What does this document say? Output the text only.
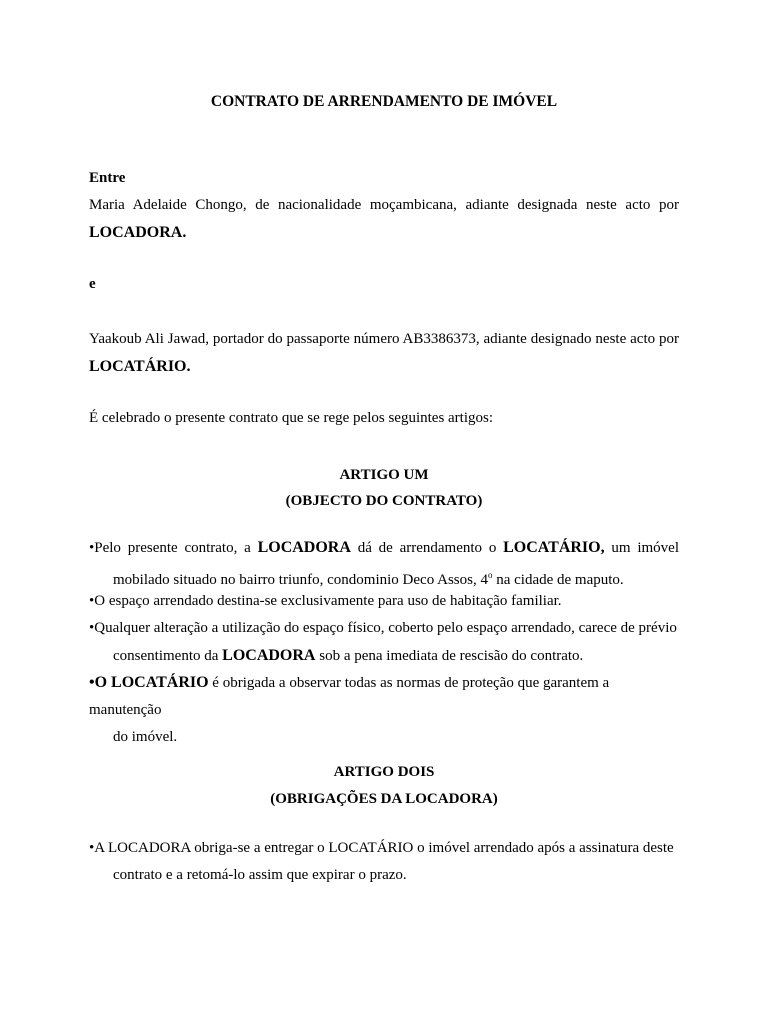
CONTRATO DE ARRENDAMENTO DE IMÓVEL
Entre
Maria Adelaide Chongo, de nacionalidade moçambicana, adiante designada neste acto por
LOCADORA.
e
Yaakoub Ali Jawad, portador do passaporte número AB3386373, adiante designado neste acto por
LOCATÁRIO.
É celebrado o presente contrato que se rege pelos seguintes artigos:
ARTIGO UM
(OBJECTO DO CONTRATO)
•Pelo presente contrato, a LOCADORA dá de arrendamento o LOCATÁRIO, um imóvel
mobilado situado no bairro triunfo, condominio Deco Assos, 4$^o$ na cidade de maputo.
•O espaço arrendado destina-se exclusivamente para uso de habitação familiar.
•Qualquer alteração a utilização do espaço físico, coberto pelo espaço arrendado, carece de prévio
consentimento da LOCADORA sob a pena imediata de rescisão do contrato.
•O LOCATÁRIO é obrigada a observar todas as normas de proteção que garantem a manutenção
do imóvel.
ARTIGO DOIS
(OBRIGAÇÕES DA LOCADORA)
•A LOCADORA obriga-se a entregar o LOCATÁRIO o imóvel arrendado após a assinatura deste
contrato e a retomá-lo assim que expirar o prazo.
